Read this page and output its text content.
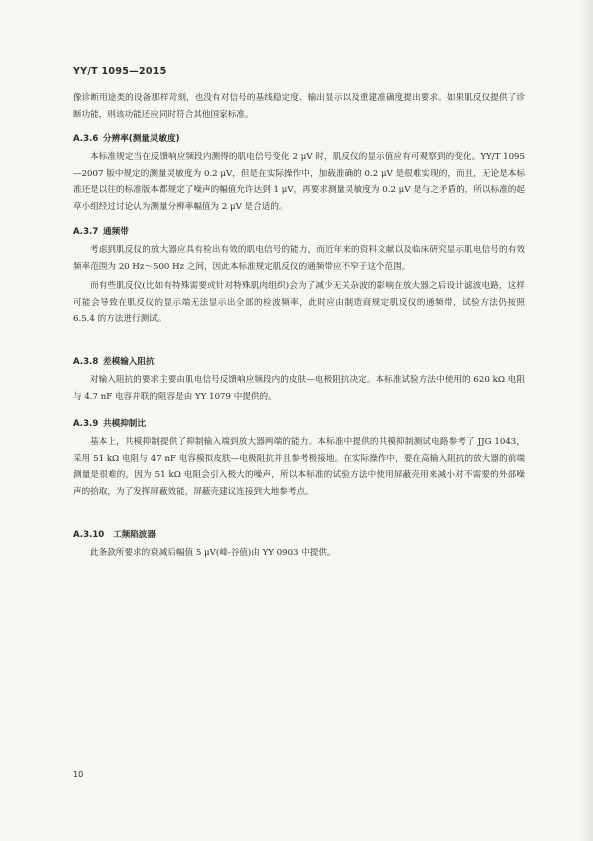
YY/T 1095—2015

像诊断用途类的设备那样苛刻，也没有对信号的基线稳定度、输出显示以及重建准确度提出要求。如果肌反仪提供了诊断功能，则该功能还应同时符合其他国家标准。

A.3.6 分辨率(测量灵敏度)

本标准规定当在反馈响应频段内测得的肌电信号变化 2 μV 时，肌反仪的显示值应有可观察到的变化。YY/T 1095—2007 版中规定的测量灵敏度为 0.2 μV，但是在实际操作中，加载准确的 0.2 μV 是很难实现的，而且，无论是本标准还是以往的标准版本都规定了噪声的幅值允许达到 1 μV，再要求测量灵敏度为 0.2 μV 是与之矛盾的，所以标准的起草小组经过讨论认为测量分辨率幅值为 2 μV 是合适的。

A.3.7 通频带

考虑到肌反仪的放大器应具有检出有效的肌电信号的能力，而近年来的资料文献以及临床研究显示肌电信号的有效频率范围为 20 Hz～500 Hz 之间，因此本标准规定肌反仪的通频带应不窄于这个范围。

而有些肌反仪(比如有特殊需要或针对特殊肌肉组织)会为了减少无关杂波的影响在放大器之后设计滤波电路，这样可能会导致在肌反仪的显示端无法显示出全部的检波频率，此时应由制造商规定肌反仪的通频带，试验方法仍按照 6.5.4 的方法进行测试。

A.3.8 差模输入阻抗

对输入阻抗的要求主要由肌电信号反馈响应频段内的皮肤—电极阻抗决定。本标准试验方法中使用的 620 kΩ 电阻与 4.7 nF 电容并联的阻容是由 YY 1079 中提供的。

A.3.9 共模抑制比

基本上，共模抑制提供了抑制输入端到放大器两端的能力。本标准中提供的共模抑制测试电路参考了 JJG 1043，采用 51 kΩ 电阻与 47 nF 电容模拟皮肤—电极阻抗并且参考极接地。在实际操作中，要在高输入阻抗的放大器的前端测量是很难的，因为 51 kΩ 电阻会引入极大的噪声，所以本标准的试验方法中使用屏蔽壳用来减小对不需要的外部噪声的拾取，为了发挥屏蔽效能，屏蔽壳建议连接到大地参考点。

A.3.10 工频陷波器

此条款所要求的衰减后幅值 5 μV(峰-谷值)由 YY 0903 中提供。

10
